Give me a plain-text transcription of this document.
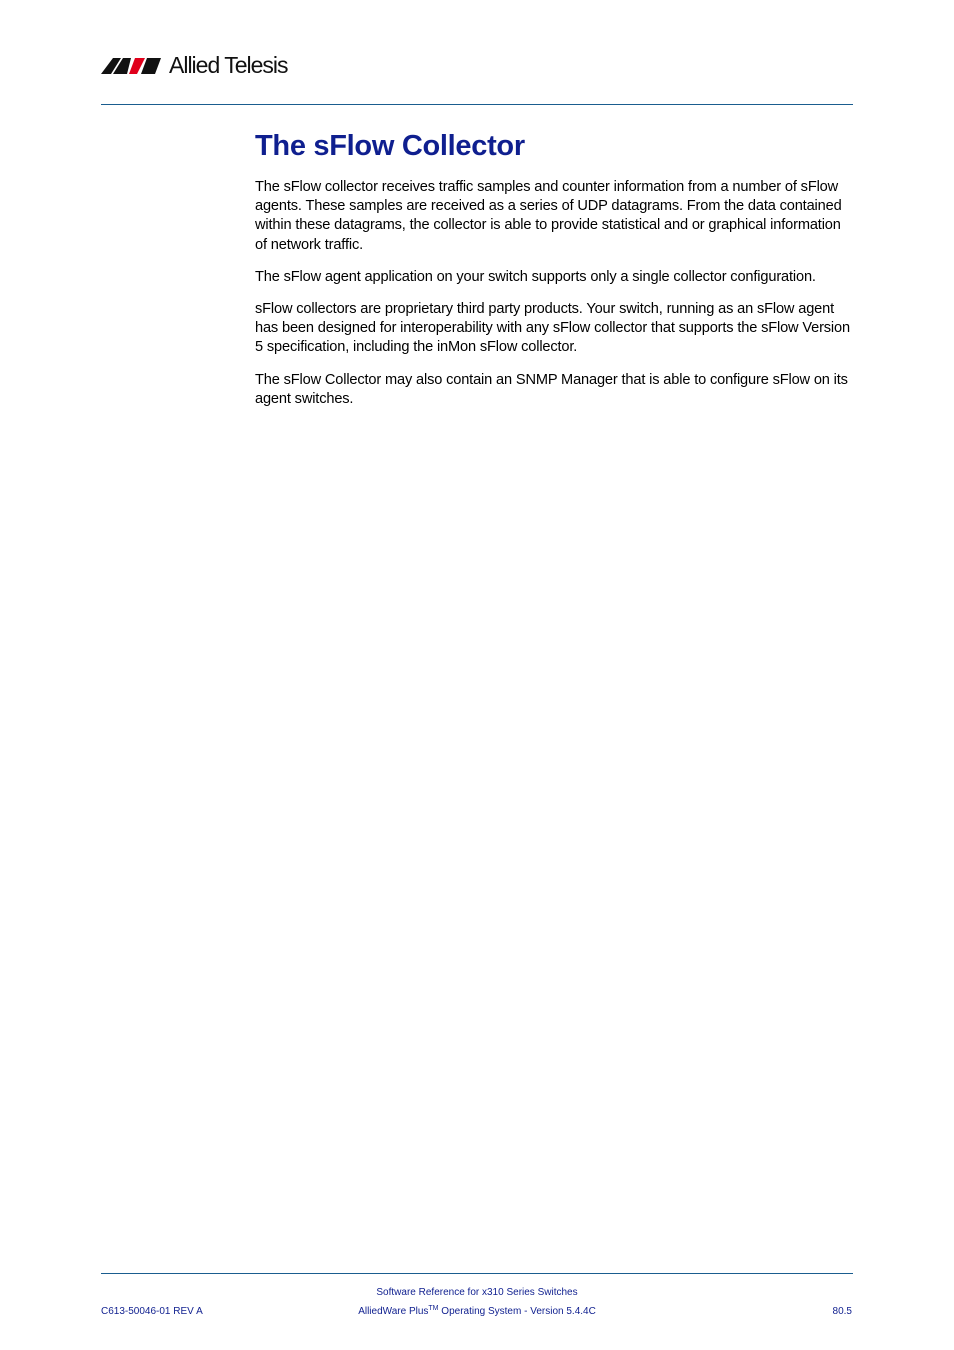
Allied Telesis
The sFlow Collector

The sFlow collector receives traffic samples and counter information from a number of sFlow agents. These samples are received as a series of UDP datagrams. From the data contained within these datagrams, the collector is able to provide statistical and or graphical information of network traffic.

The sFlow agent application on your switch supports only a single collector configuration.

sFlow collectors are proprietary third party products. Your switch, running as an sFlow agent has been designed for interoperability with any sFlow collector that supports the sFlow Version 5 specification, including the inMon sFlow collector.

The sFlow Collector may also contain an SNMP Manager that is able to configure sFlow on its agent switches.

Software Reference for x310 Series Switches
AlliedWare Plus™ Operating System - Version 5.4.4C
C613-50046-01 REV A	80.5
